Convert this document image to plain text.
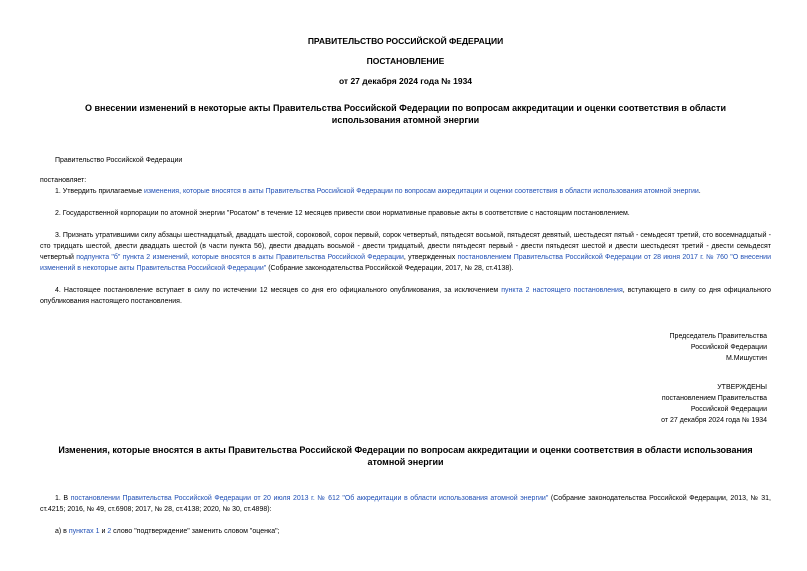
ПРАВИТЕЛЬСТВО РОССИЙСКОЙ ФЕДЕРАЦИИ
ПОСТАНОВЛЕНИЕ
от 27 декабря 2024 года № 1934
О внесении изменений в некоторые акты Правительства Российской Федерации по вопросам аккредитации и оценки соответствия в области использования атомной энергии
Правительство Российской Федерации
постановляет:
1. Утвердить прилагаемые изменения, которые вносятся в акты Правительства Российской Федерации по вопросам аккредитации и оценки соответствия в области использования атомной энергии.
2. Государственной корпорации по атомной энергии "Росатом" в течение 12 месяцев привести свои нормативные правовые акты в соответствие с настоящим постановлением.
3. Признать утратившими силу абзацы шестнадцатый, двадцать шестой, сороковой, сорок первый, сорок четвертый, пятьдесят восьмой, пятьдесят девятый, шестьдесят пятый - семьдесят третий, сто восемнадцатый - сто тридцать шестой, двести двадцать шестой (в части пункта 56), двести двадцать восьмой - двести тридцатый, двести пятьдесят первый - двести пятьдесят шестой и двести шестьдесят третий - двести семьдесят четвертый подпункта "б" пункта 2 изменений, которые вносятся в акты Правительства Российской Федерации, утвержденных постановлением Правительства Российской Федерации от 28 июня 2017 г. № 760 "О внесении изменений в некоторые акты Правительства Российской Федерации" (Собрание законодательства Российской Федерации, 2017, № 28, ст.4138).
4. Настоящее постановление вступает в силу по истечении 12 месяцев со дня его официального опубликования, за исключением пункта 2 настоящего постановления, вступающего в силу со дня официального опубликования настоящего постановления.
Председатель Правительства
Российской Федерации
М.Мишустин
УТВЕРЖДЕНЫ
постановлением Правительства
Российской Федерации
от 27 декабря 2024 года № 1934
Изменения, которые вносятся в акты Правительства Российской Федерации по вопросам аккредитации и оценки соответствия в области использования атомной энергии
1. В постановлении Правительства Российской Федерации от 20 июля 2013 г. № 612 "Об аккредитации в области использования атомной энергии" (Собрание законодательства Российской Федерации, 2013, № 31, ст.4215; 2016, № 49, ст.6908; 2017, № 28, ст.4138; 2020, № 30, ст.4898):
а) в пунктах 1 и 2 слово "подтверждение" заменить словом "оценка";
